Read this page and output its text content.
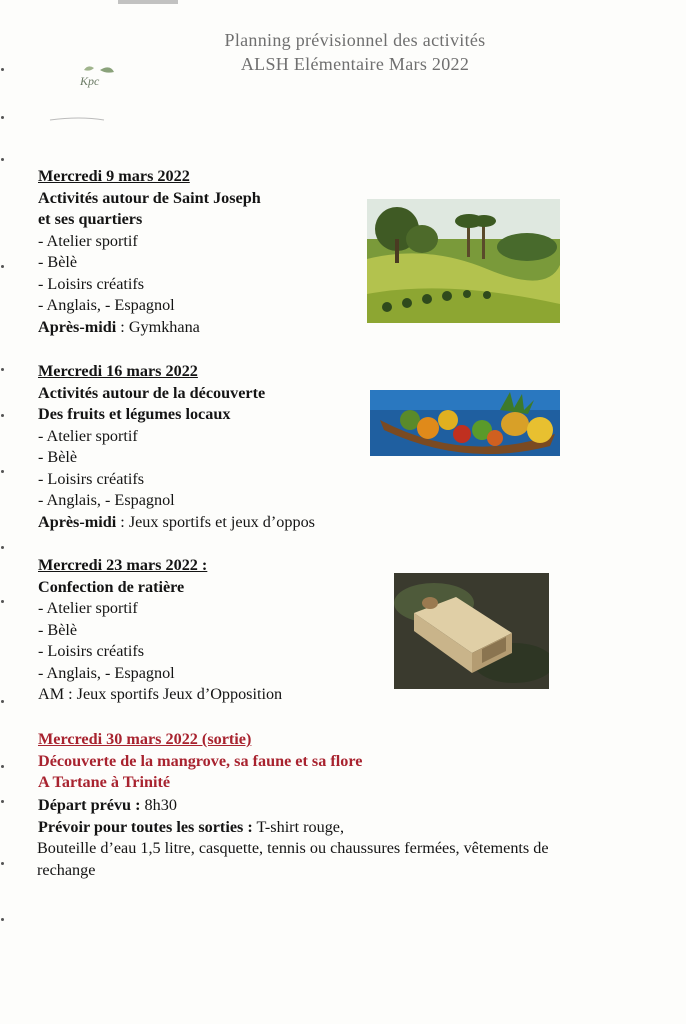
Planning prévisionnel des activités
ALSH Elémentaire Mars 2022
Kpc

Mercredi 9 mars 2022

Activités autour de Saint Joseph

et ses quartiers

- Atelier sportif

- Bèlè

- Loisirs créatifs

- Anglais, - Espagnol

Après-midi : Gymkhana

Mercredi 16 mars 2022

Activités autour de la découverte

Des fruits et légumes locaux

- Atelier sportif

- Bèlè

- Loisirs créatifs

- Anglais, - Espagnol

Après-midi : Jeux sportifs et jeux d’oppos

Mercredi 23 mars 2022 :

Confection de ratière

- Atelier sportif

- Bèlè

- Loisirs créatifs

- Anglais, - Espagnol

AM : Jeux sportifs Jeux d’Opposition

Mercredi 30 mars 2022 (sortie)

Découverte de la mangrove, sa faune et sa flore

A Tartane à Trinité

Départ prévu : 8h30

Prévoir pour toutes les sorties : T-shirt rouge,

Bouteille d’eau 1,5 litre, casquette, tennis ou chaussures fermées, vêtements de

rechange
